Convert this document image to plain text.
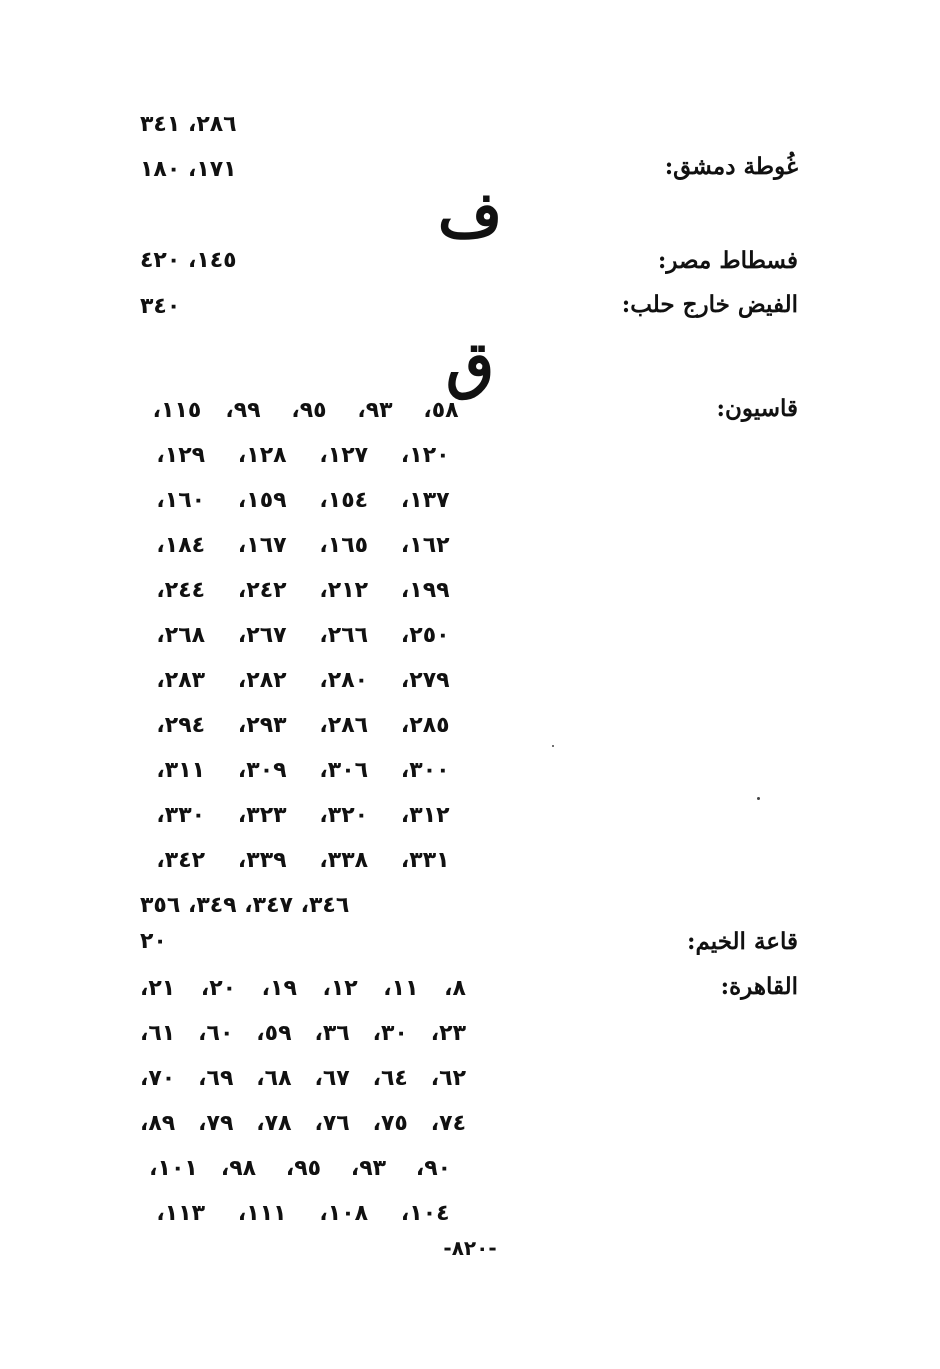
٢٨٦، ٣٤١
غُوطة دمشق:
١٧١، ١٨٠
ف
فسطاط مصر:
١٤٥، ٤٢٠
الفيض خارج حلب:
٣٤٠
ق
قاسيون:
٥٨،
٩٣،
٩٥،
٩٩،
١١٥،
١٢٠،
١٢٧،
١٢٨،
١٢٩،
١٣٧،
١٥٤،
١٥٩،
١٦٠،
١٦٢،
١٦٥،
١٦٧،
١٨٤،
١٩٩،
٢١٢،
٢٤٢،
٢٤٤،
٢٥٠،
٢٦٦،
٢٦٧،
٢٦٨،
٢٧٩،
٢٨٠،
٢٨٢،
٢٨٣،
٢٨٥،
٢٨٦،
٢٩٣،
٢٩٤،
٣٠٠،
٣٠٦،
٣٠٩،
٣١١،
٣١٢،
٣٢٠،
٣٢٣،
٣٣٠،
٣٣١،
٣٣٨،
٣٣٩،
٣٤٢،
٣٤٦، ٣٤٧، ٣٤٩، ٣٥٦
قاعة الخيم:
٢٠
القاهرة:
٨، ١١، ١٢، ١٩، ٢٠، ٢١،
٢٣، ٣٠، ٣٦، ٥٩، ٦٠، ٦١،
٦٢، ٦٤، ٦٧، ٦٨، ٦٩، ٧٠،
٧٤، ٧٥، ٧٦، ٧٨، ٧٩، ٨٩،
٩٠،
٩٣،
٩٥،
٩٨،
١٠١،
١٠٤،
١٠٨،
١١١،
١١٣،
-٨٢٠-
